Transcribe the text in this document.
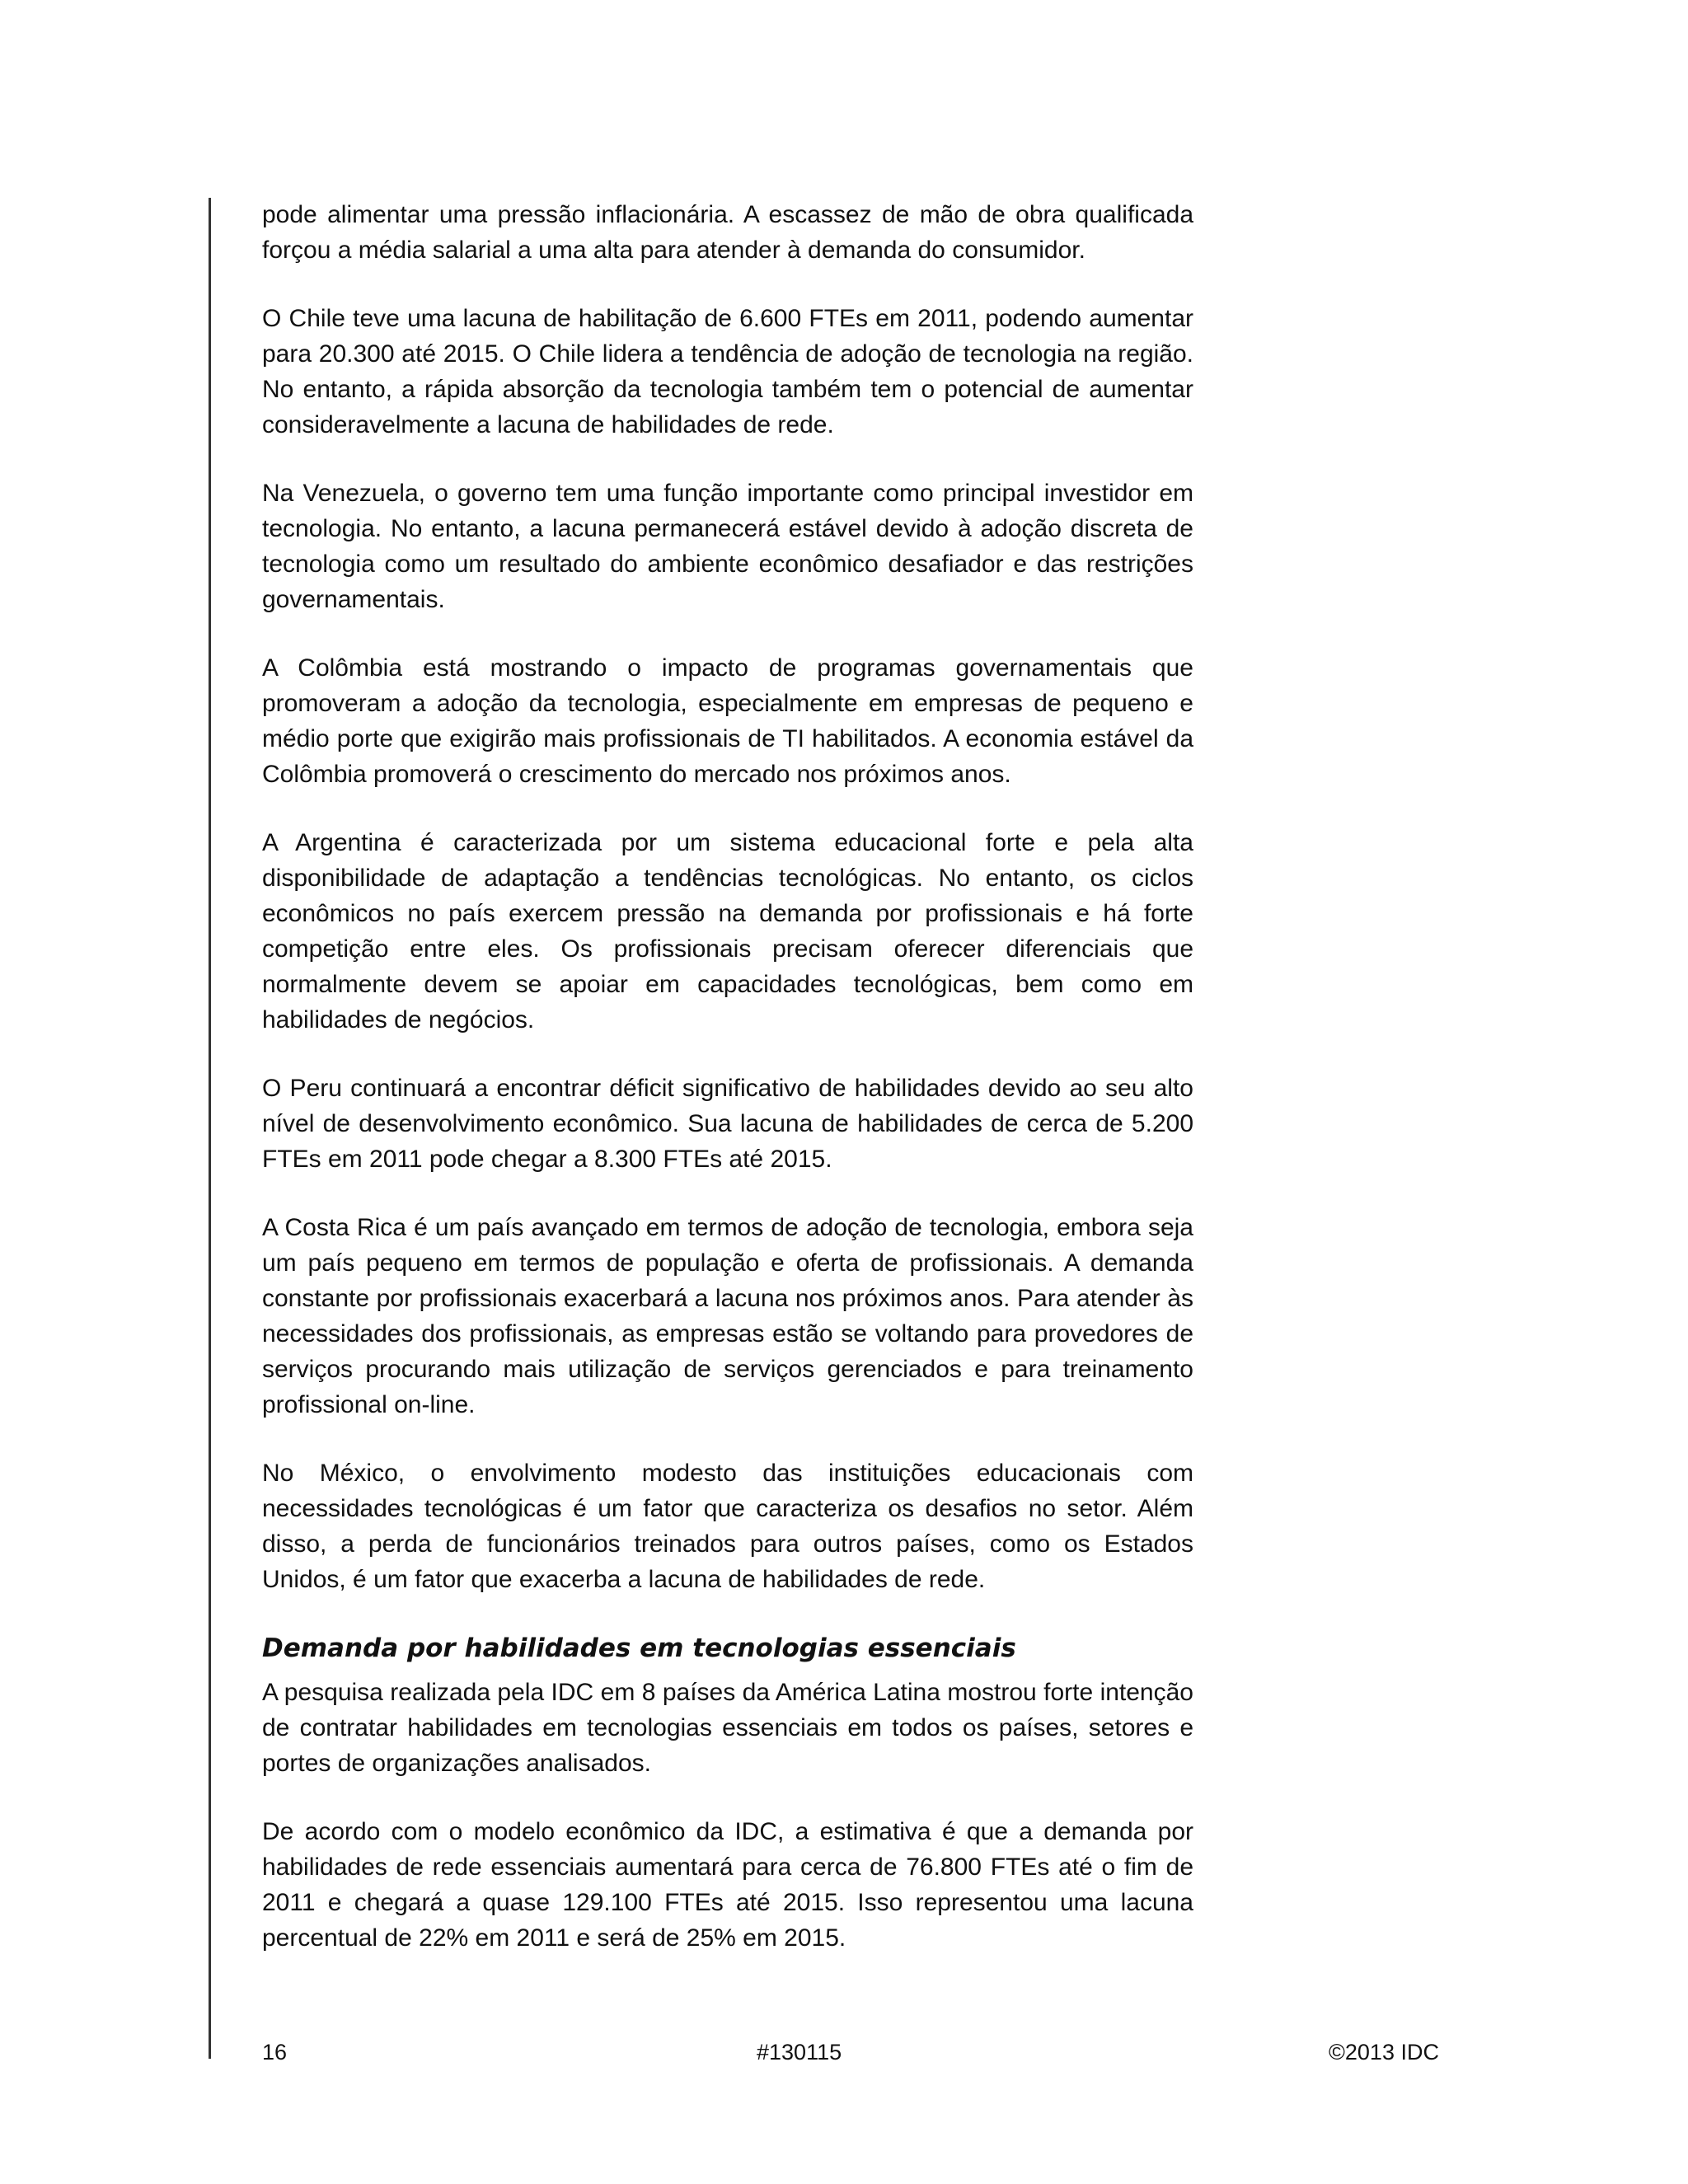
pode alimentar uma pressão inflacionária. A escassez de mão de obra qualificada forçou a média salarial a uma alta para atender à demanda do consumidor.

O Chile teve uma lacuna de habilitação de 6.600 FTEs em 2011, podendo aumentar para 20.300 até 2015. O Chile lidera a tendência de adoção de tecnologia na região. No entanto, a rápida absorção da tecnologia também tem o potencial de aumentar consideravelmente a lacuna de habilidades de rede.

Na Venezuela, o governo tem uma função importante como principal investidor em tecnologia. No entanto, a lacuna permanecerá estável devido à adoção discreta de tecnologia como um resultado do ambiente econômico desafiador e das restrições governamentais.

A Colômbia está mostrando o impacto de programas governamentais que promoveram a adoção da tecnologia, especialmente em empresas de pequeno e médio porte que exigirão mais profissionais de TI habilitados. A economia estável da Colômbia promoverá o crescimento do mercado nos próximos anos.

A Argentina é caracterizada por um sistema educacional forte e pela alta disponibilidade de adaptação a tendências tecnológicas. No entanto, os ciclos econômicos no país exercem pressão na demanda por profissionais e há forte competição entre eles. Os profissionais precisam oferecer diferenciais que normalmente devem se apoiar em capacidades tecnológicas, bem como em habilidades de negócios.

O Peru continuará a encontrar déficit significativo de habilidades devido ao seu alto nível de desenvolvimento econômico. Sua lacuna de habilidades de cerca de 5.200 FTEs em 2011 pode chegar a 8.300 FTEs até 2015.

A Costa Rica é um país avançado em termos de adoção de tecnologia, embora seja um país pequeno em termos de população e oferta de profissionais. A demanda constante por profissionais exacerbará a lacuna nos próximos anos. Para atender às necessidades dos profissionais, as empresas estão se voltando para provedores de serviços procurando mais utilização de serviços gerenciados e para treinamento profissional on-line.

No México, o envolvimento modesto das instituições educacionais com necessidades tecnológicas é um fator que caracteriza os desafios no setor. Além disso, a perda de funcionários treinados para outros países, como os Estados Unidos, é um fator que exacerba a lacuna de habilidades de rede.

Demanda por habilidades em tecnologias essenciais

A pesquisa realizada pela IDC em 8 países da América Latina mostrou forte intenção de contratar habilidades em tecnologias essenciais em todos os países, setores e portes de organizações analisados.

De acordo com o modelo econômico da IDC, a estimativa é que a demanda por habilidades de rede essenciais aumentará para cerca de 76.800 FTEs até o fim de 2011 e chegará a quase 129.100 FTEs até 2015. Isso representou uma lacuna percentual de 22% em 2011 e será de 25% em 2015.

16	#130115	©2013 IDC
